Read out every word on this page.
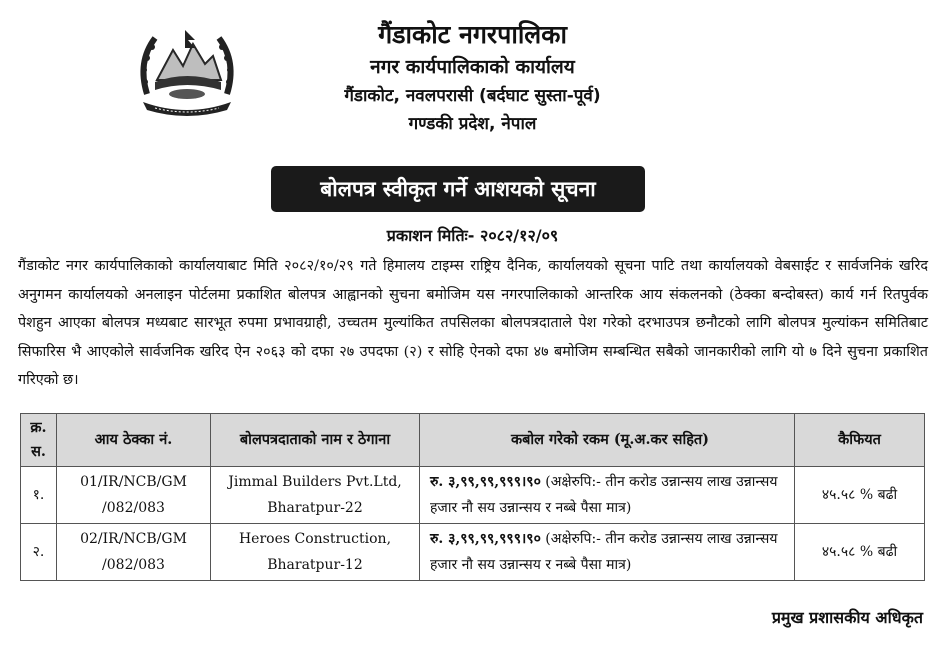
गैंडाकोट नगरपालिका
नगर कार्यपालिकाको कार्यालय
गैंडाकोट, नवलपरासी (बर्दघाट सुस्ता-पूर्व)
गण्डकी प्रदेश, नेपाल
बोलपत्र स्वीकृत गर्ने आशयको सूचना
प्रकाशन मितिः- २०८२/१२/०९
गैंडाकोट नगर कार्यपालिकाको कार्यालयाबाट मिति २०८२/१०/२९ गते हिमालय टाइम्स राष्ट्रिय दैनिक, कार्यालयको सूचना पाटि तथा कार्यालयको वेबसाईट र सार्वजनिकं खरिद अनुगमन कार्यालयको अनलाइन पोर्टलमा प्रकाशित बोलपत्र आह्वानको सुचना बमोजिम यस नगरपालिकाको आन्तरिक आय संकलनको (ठेक्का बन्दोबस्त) कार्य गर्न रितपुर्वक पेशहुन आएका बोलपत्र मध्यबाट सारभूत रुपमा प्रभावग्राही, उच्चतम मुल्यांकित तपसिलका बोलपत्रदाताले पेश गरेको दरभाउपत्र छनौटको लागि बोलपत्र मुल्यांकन समितिबाट सिफारिस भै आएकोले सार्वजनिक खरिद ऐन २०६३ को दफा २७ उपदफा (२) र सोहि ऐनको दफा ४७ बमोजिम सम्बन्धित सबैको जानकारीको लागि यो ७ दिने सुचना प्रकाशित गरिएको छ।
क्र. स.	आय ठेक्का नं.	बोलपत्रदाताको नाम र ठेगाना	कबोल गरेको रकम (मू.अ.कर सहित)	कैफियत
१.	01/IR/NCB/GM /082/083	Jimmal Builders Pvt.Ltd, Bharatpur-22	रु. ३,९९,९९,९९९।९० (अक्षेरुपि:- तीन करोड उन्नान्सय लाख उन्नान्सय हजार नौ सय उन्नान्सय र नब्बे पैसा मात्र)	४५.५८ % बढी
२.	02/IR/NCB/GM /082/083	Heroes Construction, Bharatpur-12	रु. ३,९९,९९,९९९।९० (अक्षेरुपि:- तीन करोड उन्नान्सय लाख उन्नान्सय हजार नौ सय उन्नान्सय र नब्बे पैसा मात्र)	४५.५८ % बढी
प्रमुख प्रशासकीय अधिकृत
